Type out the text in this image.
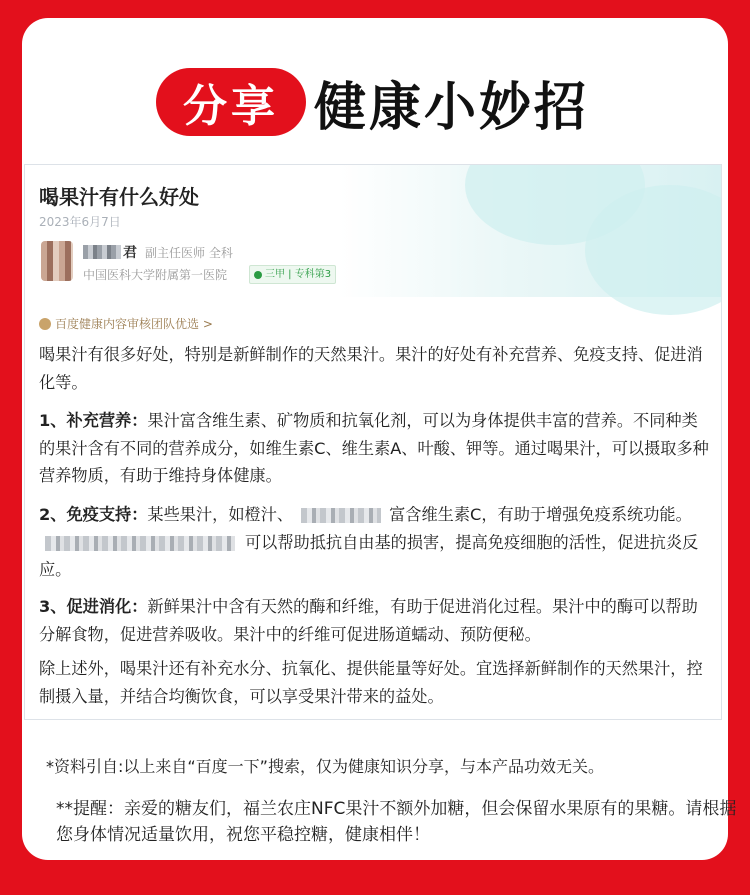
分享 健康小妙招
喝果汁有什么好处
2023年6月7日
君 副主任医师 全科
中国医科大学附属第一医院	三甲 | 专科第3
百度健康内容审核团队优选 >

喝果汁有很多好处，特别是新鲜制作的天然果汁。果汁的好处有补充营养、免疫支持、促进消化等。

1、补充营养：果汁富含维生素、矿物质和抗氧化剂，可以为身体提供丰富的营养。不同种类的果汁含有不同的营养成分，如维生素C、维生素A、叶酸、钾等。通过喝果汁，可以摄取多种营养物质，有助于维持身体健康。

2、免疫支持：某些果汁，如橙汁、	富含维生素C，有助于增强免疫系统功能。可以帮助抵抗自由基的损害，提高免疫细胞的活性，促进抗炎反应。

3、促进消化：新鲜果汁中含有天然的酶和纤维，有助于促进消化过程。果汁中的酶可以帮助分解食物，促进营养吸收。果汁中的纤维可促进肠道蠕动、预防便秘。

除上述外，喝果汁还有补充水分、抗氧化、提供能量等好处。宜选择新鲜制作的天然果汁，控制摄入量，并结合均衡饮食，可以享受果汁带来的益处。

*资料引自:以上来自“百度一下”搜索，仅为健康知识分享，与本产品功效无关。
**提醒：亲爱的糖友们，福兰农庄NFC果汁不额外加糖，但会保留水果原有的果糖。请根据您身体情况适量饮用，祝您平稳控糖，健康相伴！
